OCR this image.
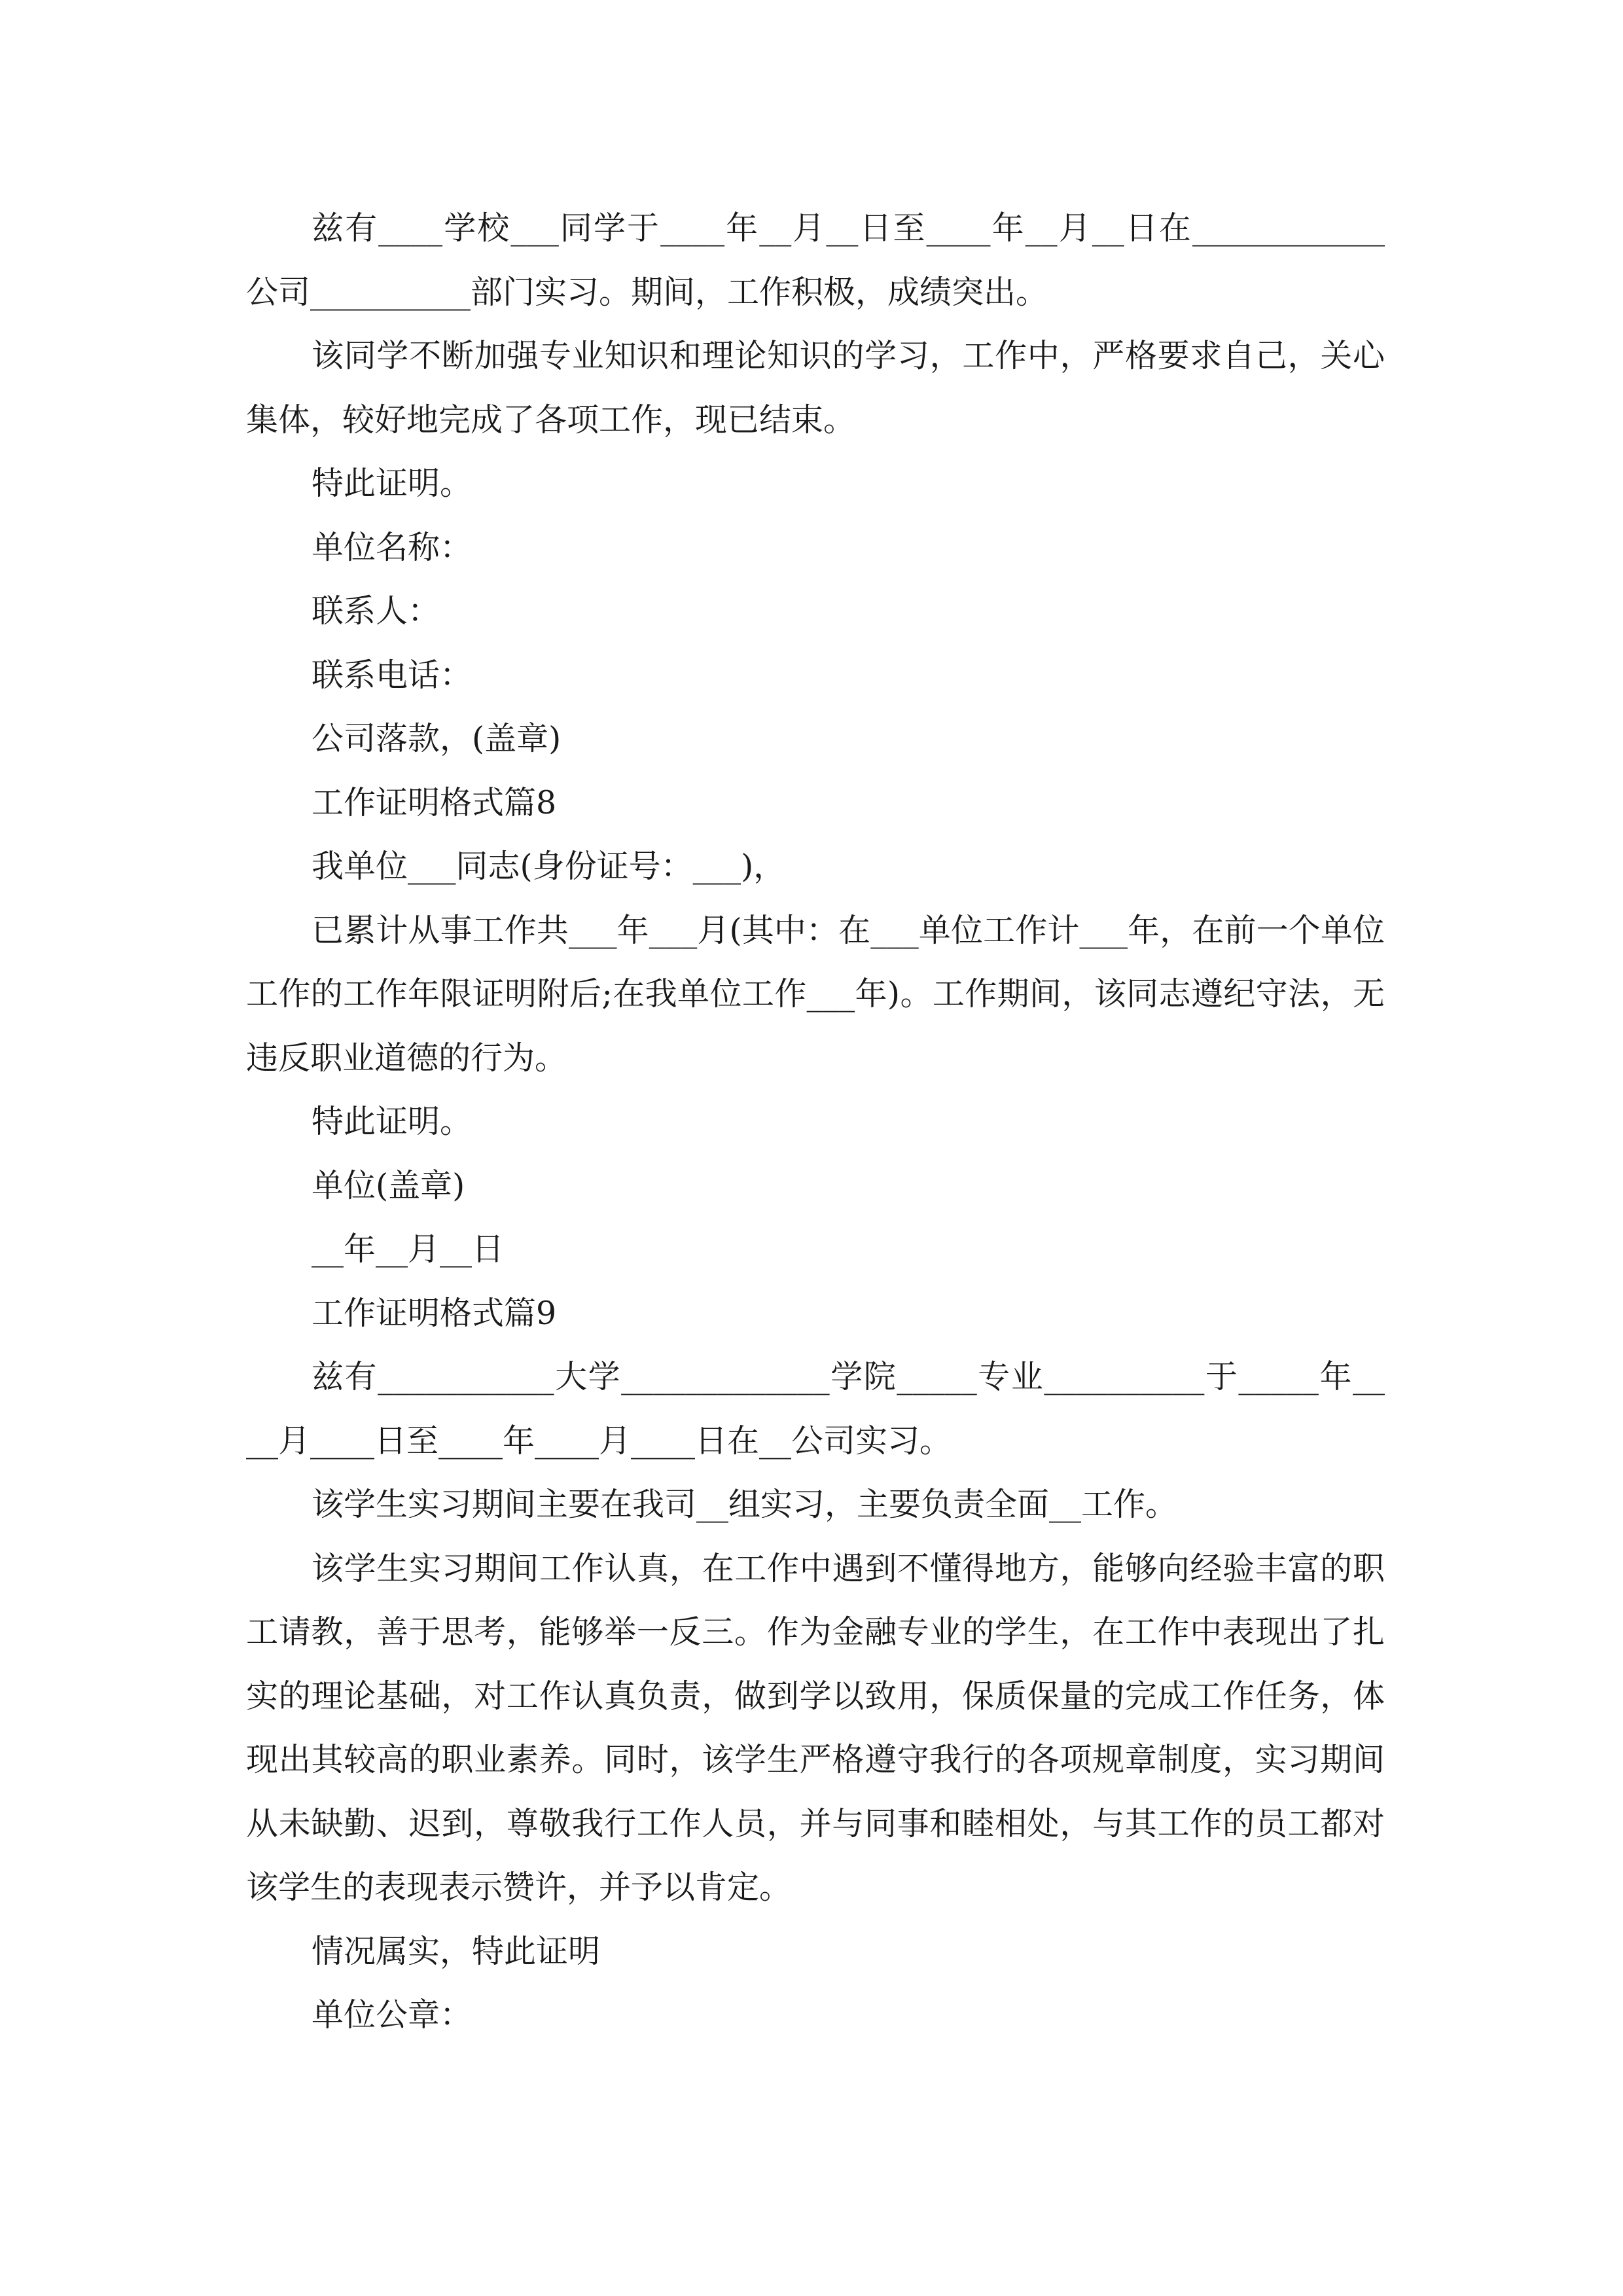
兹有____学校___同学于____年__月__日至____年__月__日在____________公司__________部门实习。期间，工作积极，成绩突出。

该同学不断加强专业知识和理论知识的学习，工作中，严格要求自己，关心集体，较好地完成了各项工作，现已结束。

特此证明。

单位名称：

联系人：

联系电话：

公司落款，(盖章)

工作证明格式篇8

我单位___同志(身份证号：___)，

已累计从事工作共___年___月(其中：在___单位工作计___年，在前一个单位工作的工作年限证明附后;在我单位工作___年)。工作期间，该同志遵纪守法，无违反职业道德的行为。

特此证明。

单位(盖章)

__年__月__日

工作证明格式篇9

兹有___________大学_____________学院_____专业__________于_____年____月____日至____年____月____日在__公司实习。

该学生实习期间主要在我司__组实习，主要负责全面__工作。

该学生实习期间工作认真，在工作中遇到不懂得地方，能够向经验丰富的职工请教，善于思考，能够举一反三。作为金融专业的学生，在工作中表现出了扎实的理论基础，对工作认真负责，做到学以致用，保质保量的完成工作任务，体现出其较高的职业素养。同时，该学生严格遵守我行的各项规章制度，实习期间从未缺勤、迟到，尊敬我行工作人员，并与同事和睦相处，与其工作的员工都对该学生的表现表示赞许，并予以肯定。

情况属实，特此证明

单位公章：
